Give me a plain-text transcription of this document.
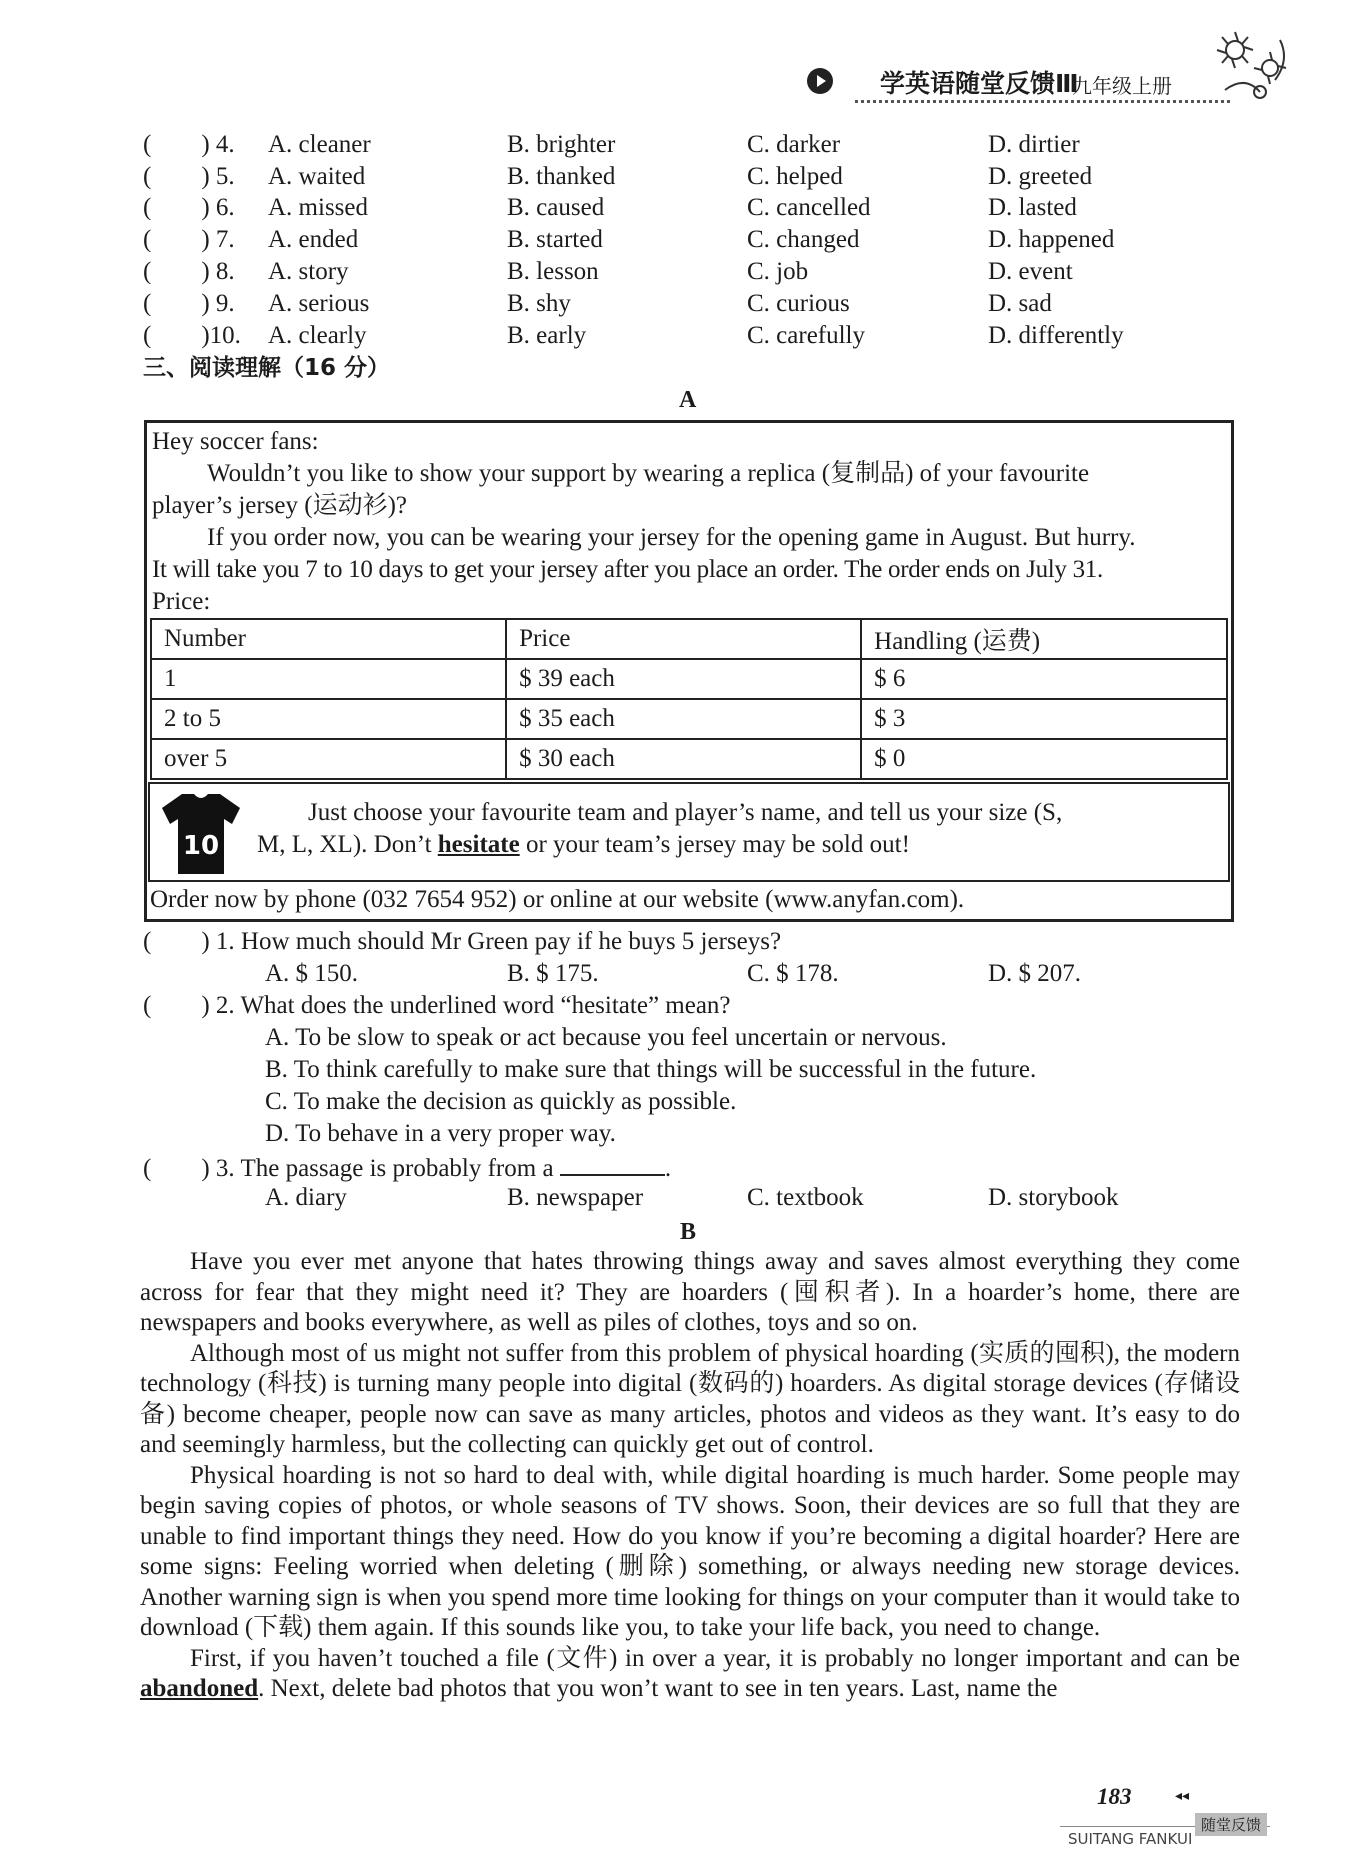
学英语随堂反馈Ⅲ
九年级上册
(　　) 4. A. cleaner	B. brighter	C. darker	D. dirtier
(　　) 5. A. waited	B. thanked	C. helped	D. greeted
(　　) 6. A. missed	B. caused	C. cancelled	D. lasted
(　　) 7. A. ended	B. started	C. changed	D. happened
(　　) 8. A. story	B. lesson	C. job	D. event
(　　) 9. A. serious	B. shy	C. curious	D. sad
(　　)10. A. clearly	B. early	C. carefully	D. differently
三、阅读理解（16 分）
A
Hey soccer fans:
Wouldn’t you like to show your support by wearing a replica (复制品) of your favourite
player’s jersey (运动衫)?
If you order now, you can be wearing your jersey for the opening game in August. But hurry.
It will take you 7 to 10 days to get your jersey after you place an order. The order ends on July 31.
Price:
Number	Price	Handling (运费)
1	$ 39 each	$ 6
2 to 5	$ 35 each	$ 3
over 5	$ 30 each	$ 0
10
Just choose your favourite team and player’s name, and tell us your size (S,
M, L, XL). Don’t hesitate or your team’s jersey may be sold out!
Order now by phone (032 7654 952) or online at our website (www.anyfan.com).
(　　) 1. How much should Mr Green pay if he buys 5 jerseys?
A. $ 150.	B. $ 175.	C. $ 178.	D. $ 207.
(　　) 2. What does the underlined word “hesitate” mean?
A. To be slow to speak or act because you feel uncertain or nervous.
B. To think carefully to make sure that things will be successful in the future.
C. To make the decision as quickly as possible.
D. To behave in a very proper way.
(　　) 3. The passage is probably from a	.
A. diary	B. newspaper	C. textbook	D. storybook
B

Have you ever met anyone that hates throwing things away and saves almost everything they come across for fear that they might need it? They are hoarders (囤积者). In a hoarder’s home, there are newspapers and books everywhere, as well as piles of clothes, toys and so on.

Although most of us might not suffer from this problem of physical hoarding (实质的囤积), the modern technology (科技) is turning many people into digital (数码的) hoarders. As digital storage devices (存储设备) become cheaper, people now can save as many articles, photos and videos as they want. It’s easy to do and seemingly harmless, but the collecting can quickly get out of control.

Physical hoarding is not so hard to deal with, while digital hoarding is much harder. Some people may begin saving copies of photos, or whole seasons of TV shows. Soon, their devices are so full that they are unable to find important things they need. How do you know if you’re becoming a digital hoarder? Here are some signs: Feeling worried when deleting (删除) something, or always needing new storage devices. Another warning sign is when you spend more time looking for things on your computer than it would take to download (下载) them again. If this sounds like you, to take your life back, you need to change.

First, if you haven’t touched a file (文件) in over a year, it is probably no longer important and can be abandoned. Next, delete bad photos that you won’t want to see in ten years. Last, name the

183	◂◂
SUITANG FANKUI
随堂反馈
